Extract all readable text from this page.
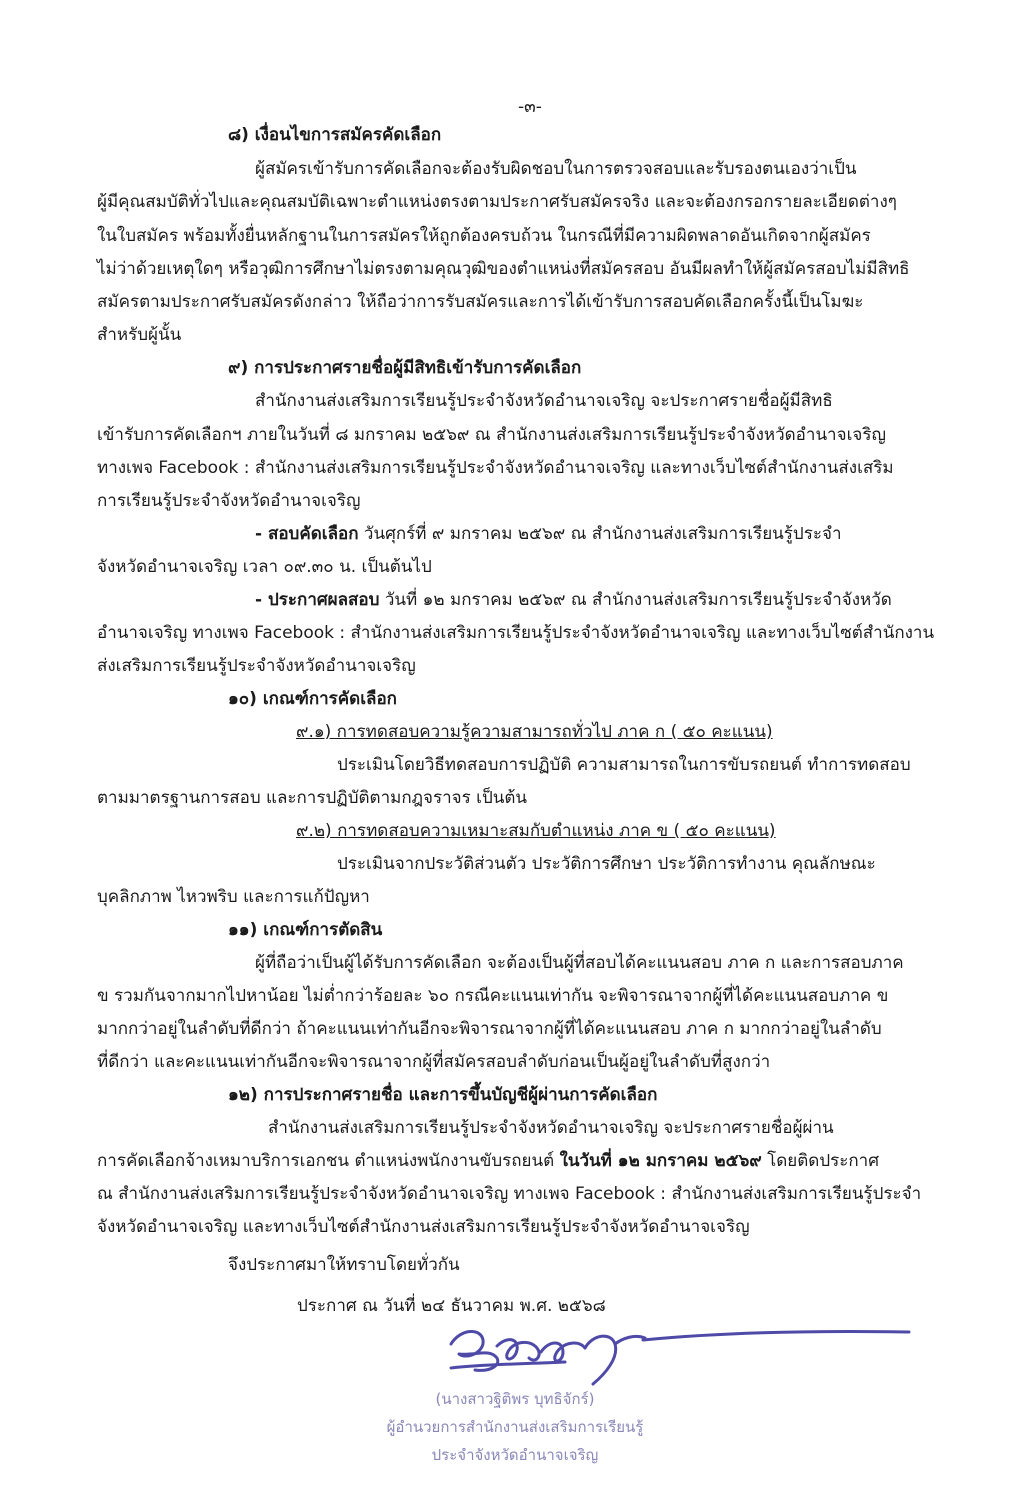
-๓-
๘) เงื่อนไขการสมัครคัดเลือก
ผู้สมัครเข้ารับการคัดเลือกจะต้องรับผิดชอบในการตรวจสอบและรับรองตนเองว่าเป็น
ผู้มีคุณสมบัติทั่วไปและคุณสมบัติเฉพาะตำแหน่งตรงตามประกาศรับสมัครจริง และจะต้องกรอกรายละเอียดต่างๆ
ในใบสมัคร พร้อมทั้งยื่นหลักฐานในการสมัครให้ถูกต้องครบถ้วน ในกรณีที่มีความผิดพลาดอันเกิดจากผู้สมัคร
ไม่ว่าด้วยเหตุใดๆ หรือวุฒิการศึกษาไม่ตรงตามคุณวุฒิของตำแหน่งที่สมัครสอบ อันมีผลทำให้ผู้สมัครสอบไม่มีสิทธิ
สมัครตามประกาศรับสมัครดังกล่าว ให้ถือว่าการรับสมัครและการได้เข้ารับการสอบคัดเลือกครั้งนี้เป็นโมฆะ
สำหรับผู้นั้น
๙) การประกาศรายชื่อผู้มีสิทธิเข้ารับการคัดเลือก
สำนักงานส่งเสริมการเรียนรู้ประจำจังหวัดอำนาจเจริญ จะประกาศรายชื่อผู้มีสิทธิ
เข้ารับการคัดเลือกฯ ภายในวันที่ ๘ มกราคม ๒๕๖๙ ณ สำนักงานส่งเสริมการเรียนรู้ประจำจังหวัดอำนาจเจริญ
ทางเพจ Facebook : สำนักงานส่งเสริมการเรียนรู้ประจำจังหวัดอำนาจเจริญ และทางเว็บไซต์สำนักงานส่งเสริม
การเรียนรู้ประจำจังหวัดอำนาจเจริญ
- สอบคัดเลือก วันศุกร์ที่ ๙ มกราคม ๒๕๖๙ ณ สำนักงานส่งเสริมการเรียนรู้ประจำ
จังหวัดอำนาจเจริญ เวลา ๐๙.๓๐ น. เป็นต้นไป
- ประกาศผลสอบ วันที่ ๑๒ มกราคม ๒๕๖๙ ณ สำนักงานส่งเสริมการเรียนรู้ประจำจังหวัด
อำนาจเจริญ ทางเพจ Facebook : สำนักงานส่งเสริมการเรียนรู้ประจำจังหวัดอำนาจเจริญ และทางเว็บไซต์สำนักงาน
ส่งเสริมการเรียนรู้ประจำจังหวัดอำนาจเจริญ
๑๐) เกณฑ์การคัดเลือก
๙.๑) การทดสอบความรู้ความสามารถทั่วไป ภาค ก ( ๕๐ คะแนน)
ประเมินโดยวิธีทดสอบการปฏิบัติ ความสามารถในการขับรถยนต์ ทำการทดสอบ
ตามมาตรฐานการสอบ และการปฏิบัติตามกฎจราจร เป็นต้น
๙.๒) การทดสอบความเหมาะสมกับตำแหน่ง ภาค ข ( ๕๐ คะแนน)
ประเมินจากประวัติส่วนตัว ประวัติการศึกษา ประวัติการทำงาน คุณลักษณะ
บุคลิกภาพ ไหวพริบ และการแก้ปัญหา
๑๑) เกณฑ์การตัดสิน
ผู้ที่ถือว่าเป็นผู้ได้รับการคัดเลือก จะต้องเป็นผู้ที่สอบได้คะแนนสอบ ภาค ก และการสอบภาค
ข รวมกันจากมากไปหาน้อย ไม่ต่ำกว่าร้อยละ ๖๐ กรณีคะแนนเท่ากัน จะพิจารณาจากผู้ที่ได้คะแนนสอบภาค ข
มากกว่าอยู่ในลำดับที่ดีกว่า ถ้าคะแนนเท่ากันอีกจะพิจารณาจากผู้ที่ได้คะแนนสอบ ภาค ก มากกว่าอยู่ในลำดับ
ที่ดีกว่า และคะแนนเท่ากันอีกจะพิจารณาจากผู้ที่สมัครสอบลำดับก่อนเป็นผู้อยู่ในลำดับที่สูงกว่า
๑๒) การประกาศรายชื่อ และการขึ้นบัญชีผู้ผ่านการคัดเลือก
สำนักงานส่งเสริมการเรียนรู้ประจำจังหวัดอำนาจเจริญ จะประกาศรายชื่อผู้ผ่าน
การคัดเลือกจ้างเหมาบริการเอกชน ตำแหน่งพนักงานขับรถยนต์ ในวันที่ ๑๒ มกราคม ๒๕๖๙ โดยติดประกาศ
ณ สำนักงานส่งเสริมการเรียนรู้ประจำจังหวัดอำนาจเจริญ ทางเพจ Facebook : สำนักงานส่งเสริมการเรียนรู้ประจำ
จังหวัดอำนาจเจริญ และทางเว็บไซต์สำนักงานส่งเสริมการเรียนรู้ประจำจังหวัดอำนาจเจริญ
จึงประกาศมาให้ทราบโดยทั่วกัน
ประกาศ ณ วันที่ ๒๔ ธันวาคม พ.ศ. ๒๕๖๘
(นางสาวฐิติพร บุทธิจักร์)
ผู้อำนวยการสำนักงานส่งเสริมการเรียนรู้
ประจำจังหวัดอำนาจเจริญ
